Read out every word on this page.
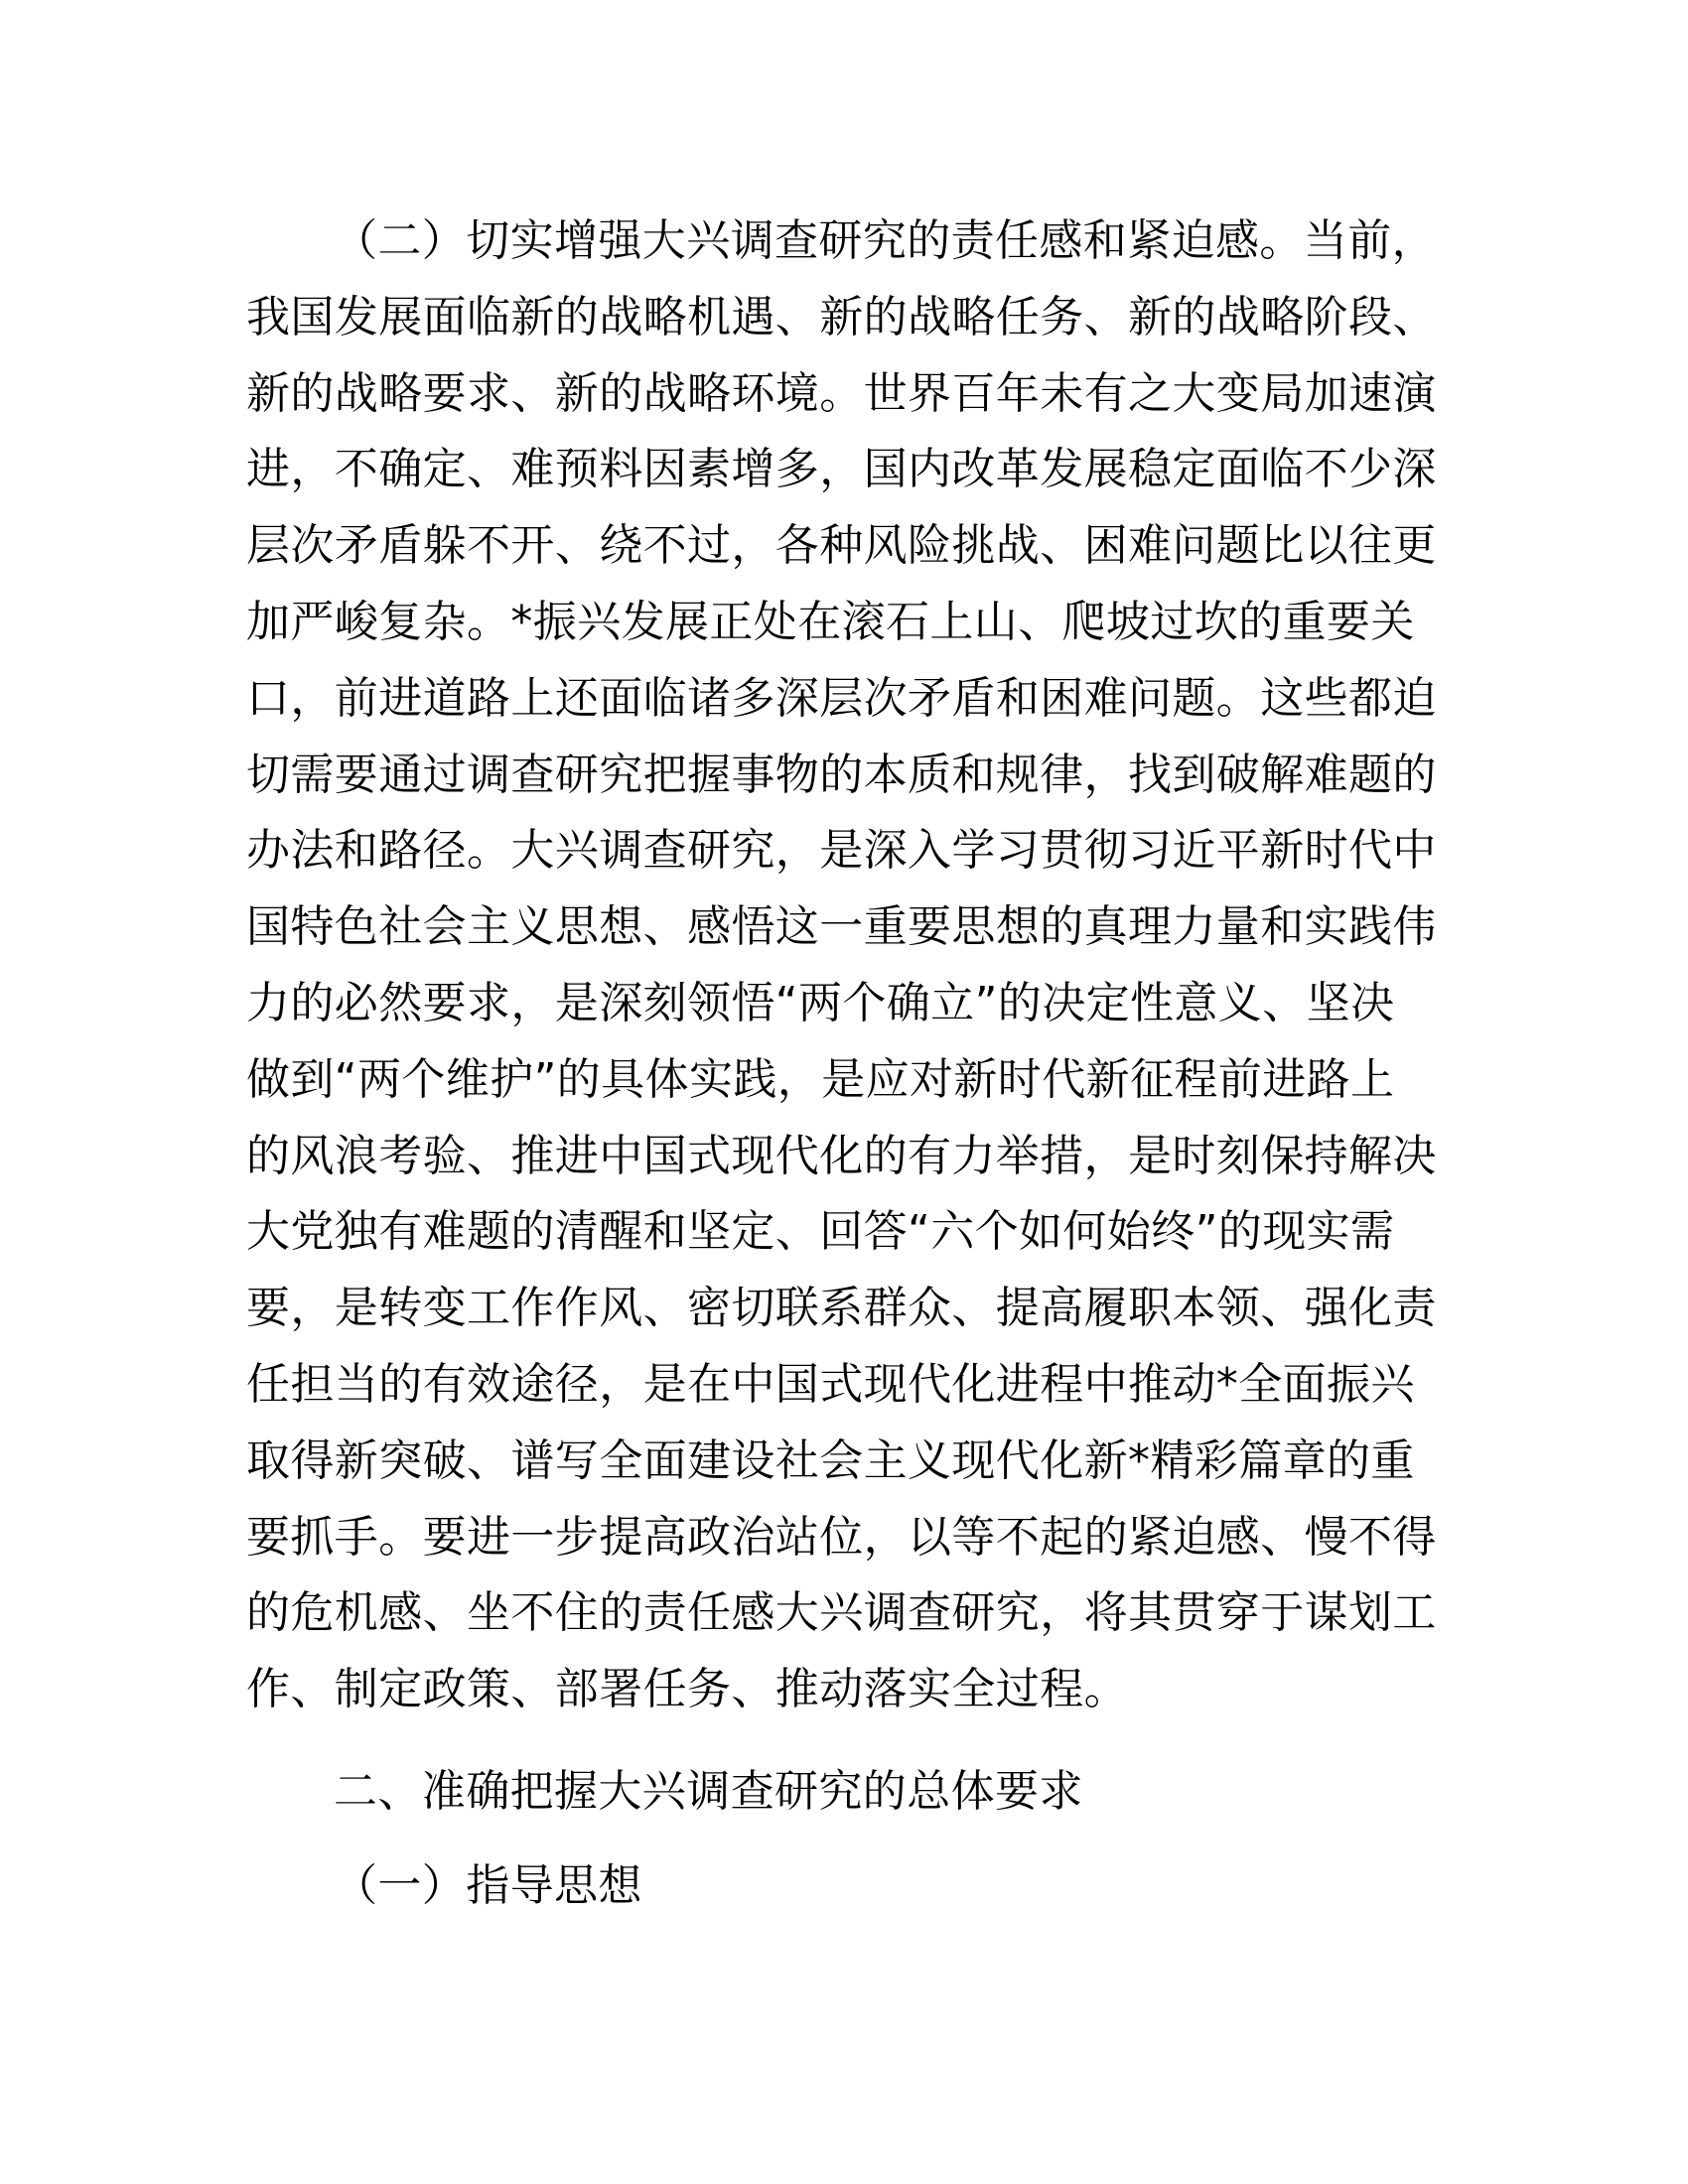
（二）切实增强大兴调查研究的责任感和紧迫感。当前，
我国发展面临新的战略机遇、新的战略任务、新的战略阶段、
新的战略要求、新的战略环境。世界百年未有之大变局加速演
进，不确定、难预料因素增多，国内改革发展稳定面临不少深
层次矛盾躲不开、绕不过，各种风险挑战、困难问题比以往更
加严峻复杂。*振兴发展正处在滚石上山、爬坡过坎的重要关
口，前进道路上还面临诸多深层次矛盾和困难问题。这些都迫
切需要通过调查研究把握事物的本质和规律，找到破解难题的
办法和路径。大兴调查研究，是深入学习贯彻习近平新时代中
国特色社会主义思想、感悟这一重要思想的真理力量和实践伟
力的必然要求，是深刻领悟“两个确立”的决定性意义、坚决
做到“两个维护”的具体实践，是应对新时代新征程前进路上
的风浪考验、推进中国式现代化的有力举措，是时刻保持解决
大党独有难题的清醒和坚定、回答“六个如何始终”的现实需
要，是转变工作作风、密切联系群众、提高履职本领、强化责
任担当的有效途径，是在中国式现代化进程中推动*全面振兴
取得新突破、谱写全面建设社会主义现代化新*精彩篇章的重
要抓手。要进一步提高政治站位，以等不起的紧迫感、慢不得
的危机感、坐不住的责任感大兴调查研究，将其贯穿于谋划工
作、制定政策、部署任务、推动落实全过程。
二、准确把握大兴调查研究的总体要求
（一）指导思想
